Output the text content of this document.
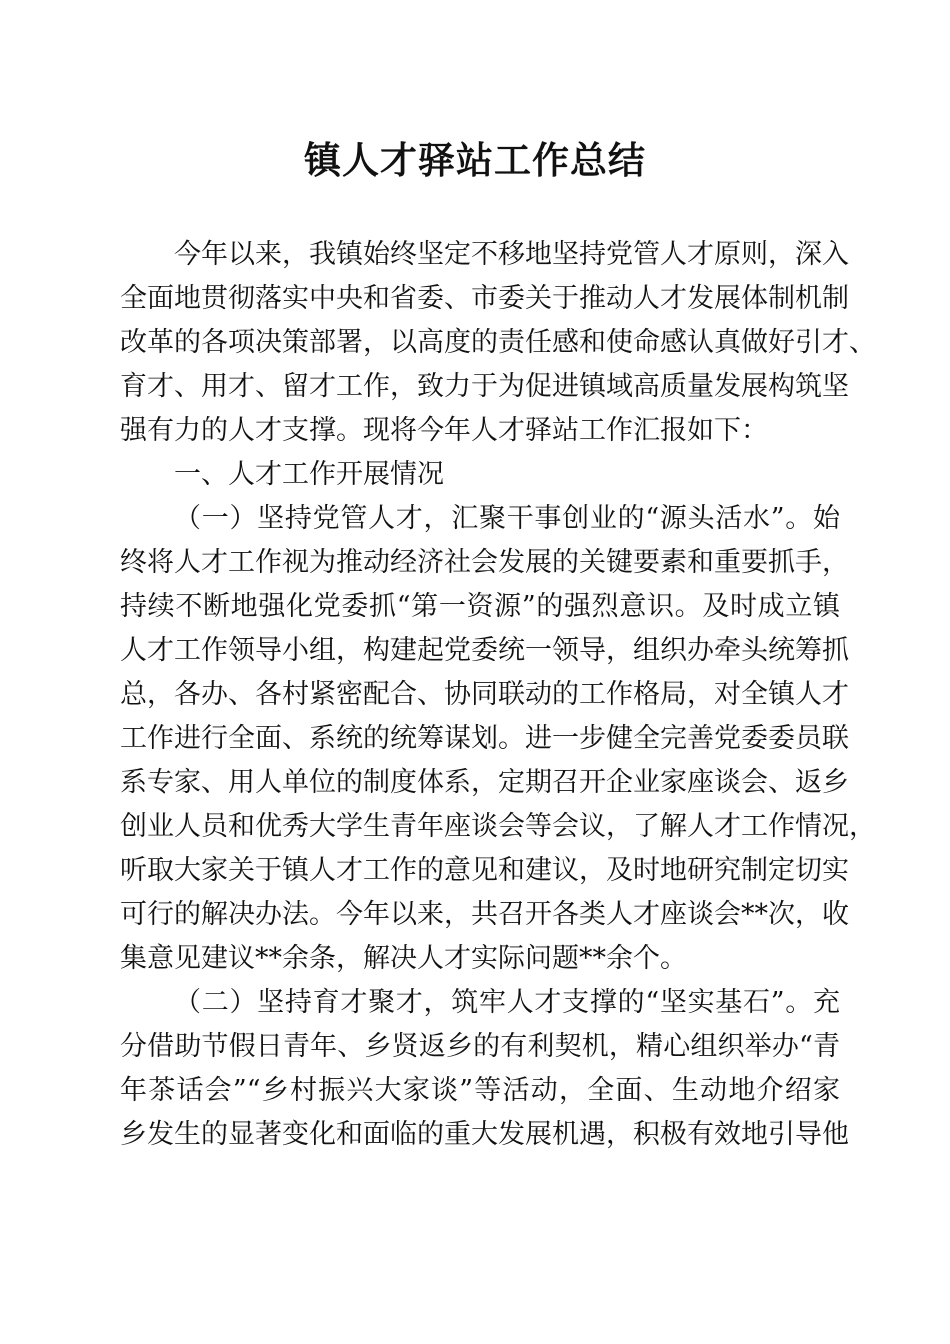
镇人才驿站工作总结
今年以来，我镇始终坚定不移地坚持党管人才原则，深入
全面地贯彻落实中央和省委、市委关于推动人才发展体制机制
改革的各项决策部署，以高度的责任感和使命感认真做好引才、
育才、用才、留才工作，致力于为促进镇域高质量发展构筑坚
强有力的人才支撑。现将今年人才驿站工作汇报如下：
一、人才工作开展情况
（一）坚持党管人才，汇聚干事创业的“源头活水”。始
终将人才工作视为推动经济社会发展的关键要素和重要抓手，
持续不断地强化党委抓“第一资源”的强烈意识。及时成立镇
人才工作领导小组，构建起党委统一领导，组织办牵头统筹抓
总，各办、各村紧密配合、协同联动的工作格局，对全镇人才
工作进行全面、系统的统筹谋划。进一步健全完善党委委员联
系专家、用人单位的制度体系，定期召开企业家座谈会、返乡
创业人员和优秀大学生青年座谈会等会议，了解人才工作情况，
听取大家关于镇人才工作的意见和建议，及时地研究制定切实
可行的解决办法。今年以来，共召开各类人才座谈会**次，收
集意见建议**余条，解决人才实际问题**余个。
（二）坚持育才聚才，筑牢人才支撑的“坚实基石”。充
分借助节假日青年、乡贤返乡的有利契机，精心组织举办“青
年茶话会”“乡村振兴大家谈”等活动，全面、生动地介绍家
乡发生的显著变化和面临的重大发展机遇，积极有效地引导他
